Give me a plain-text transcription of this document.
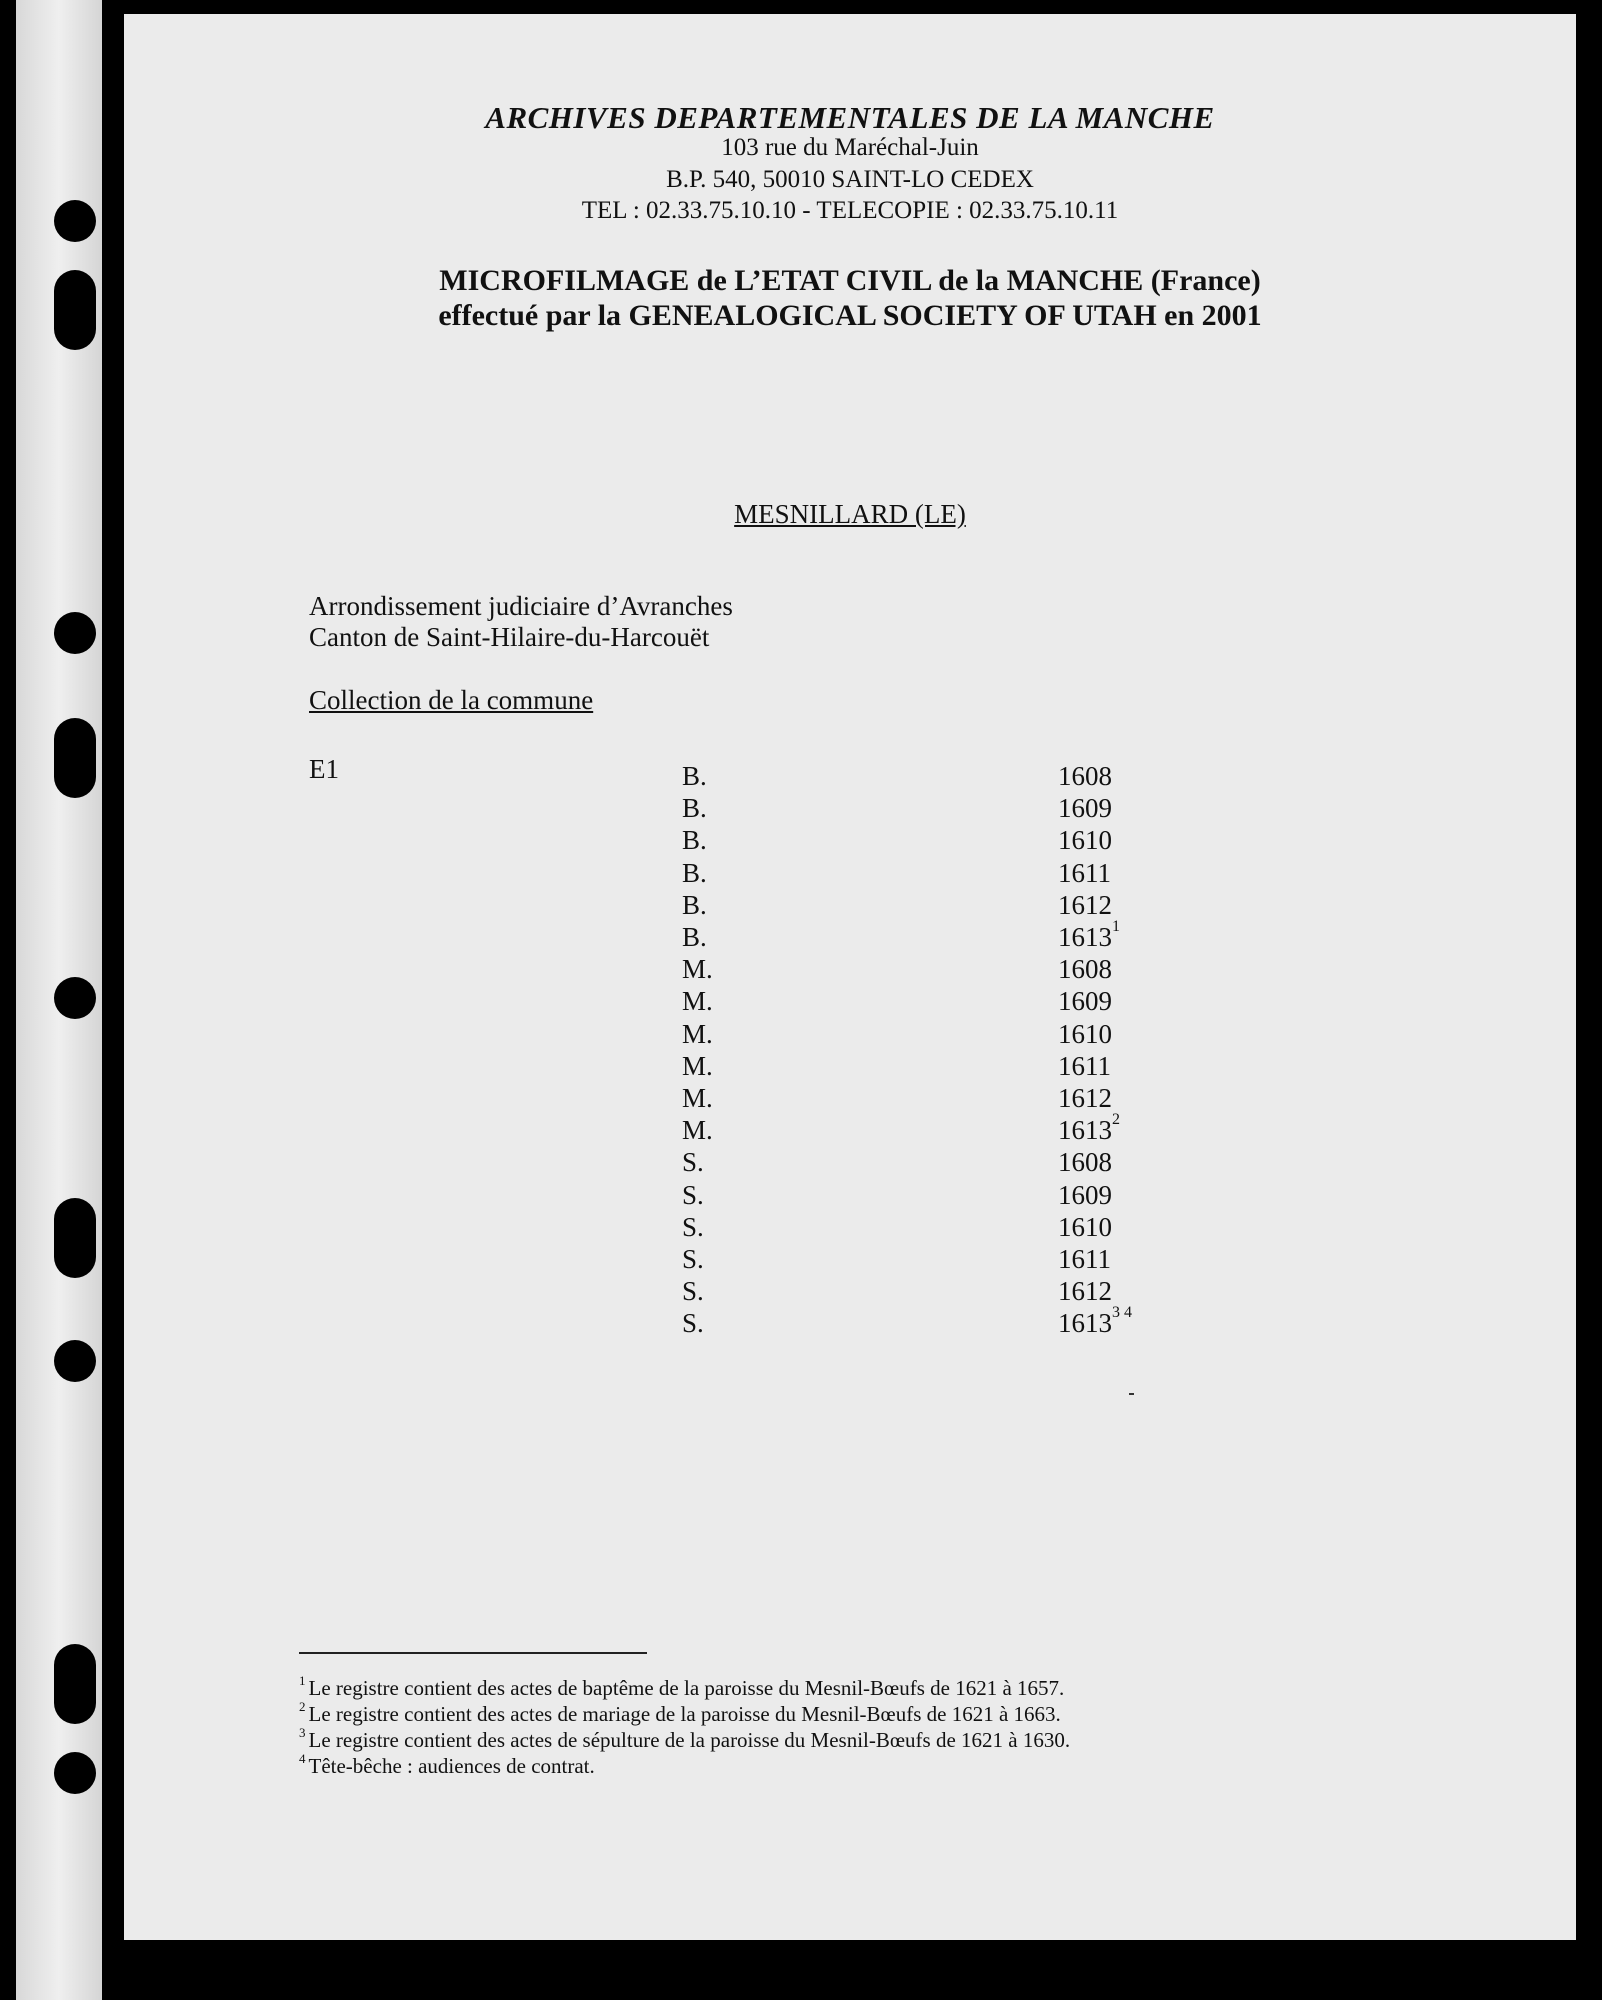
ARCHIVES DEPARTEMENTALES DE LA MANCHE
103 rue du Maréchal-Juin
B.P. 540, 50010 SAINT-LO CEDEX
TEL : 02.33.75.10.10 - TELECOPIE : 02.33.75.10.11
MICROFILMAGE de L’ETAT CIVIL de la MANCHE (France)
effectué par la GENEALOGICAL SOCIETY OF UTAH en 2001
MESNILLARD (LE)
Arrondissement judiciaire d’Avranches
Canton de Saint-Hilaire-du-Harcouët
Collection de la commune
E1	B.	1608
B.	1609
B.	1610
B.	1611
B.	1612
B.	1613$^1$
M.	1608
M.	1609
M.	1610
M.	1611
M.	1612
M.	1613$^2$
S.	1608
S.	1609
S.	1610
S.	1611
S.	1612
S.	$1613^{3 4}$
$^1$ Le registre contient des actes de baptême de la paroisse du Mesnil-Bœufs de 1621 à 1657.
$^2$ Le registre contient des actes de mariage de la paroisse du Mesnil-Bœufs de 1621 à 1663.
$^3$ Le registre contient des actes de sépulture de la paroisse du Mesnil-Bœufs de 1621 à 1630.
$^4$ Tête-bêche : audiences de contrat.
